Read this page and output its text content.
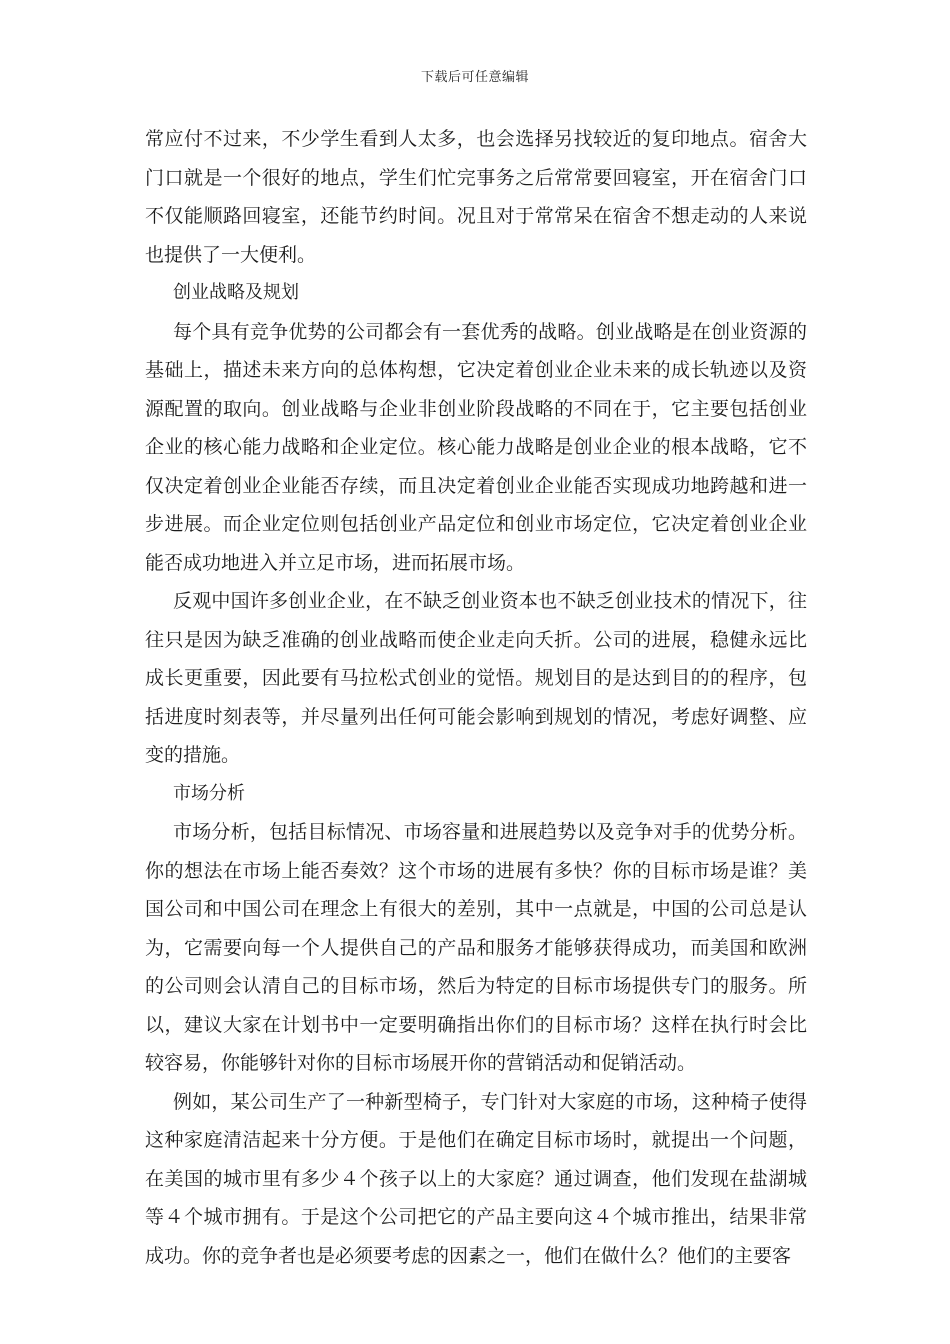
下载后可任意编辑
常应付不过来，不少学生看到人太多，也会选择另找较近的复印地点。宿舍大
门口就是一个很好的地点，学生们忙完事务之后常常要回寝室，开在宿舍门口
不仅能顺路回寝室，还能节约时间。况且对于常常呆在宿舍不想走动的人来说
也提供了一大便利。
创业战略及规划
每个具有竞争优势的公司都会有一套优秀的战略。创业战略是在创业资源的
基础上，描述未来方向的总体构想，它决定着创业企业未来的成长轨迹以及资
源配置的取向。创业战略与企业非创业阶段战略的不同在于，它主要包括创业
企业的核心能力战略和企业定位。核心能力战略是创业企业的根本战略，它不
仅决定着创业企业能否存续，而且决定着创业企业能否实现成功地跨越和进一
步进展。而企业定位则包括创业产品定位和创业市场定位，它决定着创业企业
能否成功地进入并立足市场，进而拓展市场。
反观中国许多创业企业，在不缺乏创业资本也不缺乏创业技术的情况下，往
往只是因为缺乏准确的创业战略而使企业走向夭折。公司的进展，稳健永远比
成长更重要，因此要有马拉松式创业的觉悟。规划目的是达到目的的程序，包
括进度时刻表等，并尽量列出任何可能会影响到规划的情况，考虑好调整、应
变的措施。
市场分析
市场分析，包括目标情况、市场容量和进展趋势以及竞争对手的优势分析。
你的想法在市场上能否奏效？这个市场的进展有多快？你的目标市场是谁？美
国公司和中国公司在理念上有很大的差别，其中一点就是，中国的公司总是认
为，它需要向每一个人提供自己的产品和服务才能够获得成功，而美国和欧洲
的公司则会认清自己的目标市场，然后为特定的目标市场提供专门的服务。所
以，建议大家在计划书中一定要明确指出你们的目标市场？这样在执行时会比
较容易，你能够针对你的目标市场展开你的营销活动和促销活动。
例如，某公司生产了一种新型椅子，专门针对大家庭的市场，这种椅子使得
这种家庭清洁起来十分方便。于是他们在确定目标市场时，就提出一个问题，
在美国的城市里有多少４个孩子以上的大家庭？通过调查，他们发现在盐湖城
等４个城市拥有。于是这个公司把它的产品主要向这４个城市推出，结果非常
成功。你的竞争者也是必须要考虑的因素之一，他们在做什么？他们的主要客
